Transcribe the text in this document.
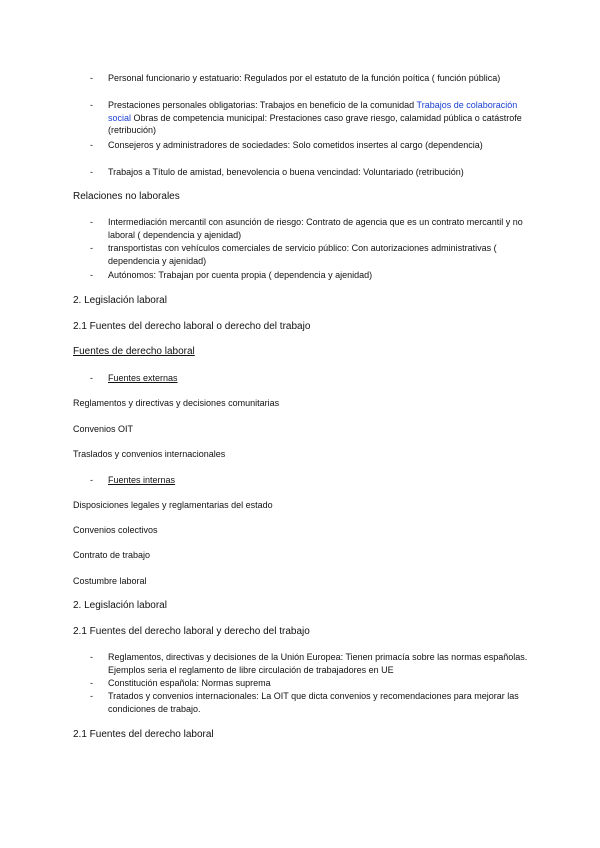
-	Personal funcionario y estatuario: Regulados por el estatuto de la función poítica ( función pública)
-	Prestaciones personales obligatorias: Trabajos en beneficio de la comunidad Trabajos de colaboración social Obras de competencia municipal: Prestaciones caso grave riesgo, calamidad pública o catástrofe (retribución)
-	Consejeros y administradores de sociedades: Solo cometidos insertes al cargo (dependencia)
-	Trabajos a Título de amistad, benevolencia o buena vencindad: Voluntariado (retribución)
Relaciones no laborales
-	Intermediación mercantil con asunción de riesgo: Contrato de agencia que es un contrato mercantil y no laboral ( dependencia y ajenidad)
-	transportistas con vehículos comerciales de servicio público: Con autorizaciones administrativas ( dependencia y ajenidad)
-	Autónomos: Trabajan por cuenta propia ( dependencia y ajenidad)
2. Legislación laboral
2.1 Fuentes del derecho laboral o derecho del trabajo
Fuentes de derecho laboral
-	Fuentes externas
Reglamentos y directivas y decisiones comunitarias
Convenios OIT
Traslados y convenios internacionales
-	Fuentes internas
Disposiciones legales y reglamentarias del estado
Convenios colectivos
Contrato de trabajo
Costumbre laboral
2. Legislación laboral
2.1 Fuentes del derecho laboral y derecho del trabajo
-	Reglamentos, directivas y decisiones de la Unión Europea: Tienen primacía sobre las normas españolas. Ejemplos seria el reglamento de libre circulación de trabajadores en UE
-	Constitución española: Normas suprema
-	Tratados y convenios internacionales: La OIT que dicta convenios y recomendaciones para mejorar las condiciones de trabajo.
2.1 Fuentes del derecho laboral
